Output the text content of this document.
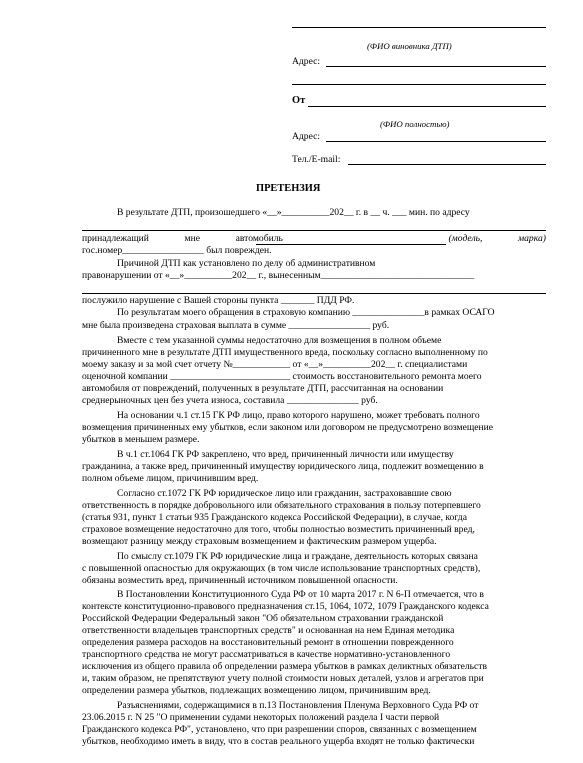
(ФИО виновника ДТП)
Адрес:
От
(ФИО полностью)
Адрес:
Тел./E-mail:
ПРЕТЕНЗИЯ
В результате ДТП, произошедшего «__»__________202__ г. в __ ч. ___ мин. по адресу
принадлежащий	мне	автомобиль	(модель,	марка)
гос.номер_________________ был поврежден.
Причиной ДТП как установлено по делу об административном
правонарушении от «__»__________202__ г., вынесенным________________________________
послужило нарушение с Вашей стороны пункта _______ ПДД РФ.
По результатам моего обращения в страховую компанию _______________в рамках ОСАГО
мне была произведена страховая выплата в сумме _________________ руб.
Вместе с тем указанной суммы недостаточно для возмещения в полном объеме
причиненного мне в результате ДТП имущественного вреда, поскольку согласно выполненному по
моему заказу и за мой счет отчету №____________ от «__»__________202__ г. специалистами
оценочной компании _________________________ стоимость восстановительного ремонта моего
автомобиля от повреждений, полученных в результате ДТП, рассчитанная на основании
среднерыночных цен без учета износа, составила _______________ руб.
На основании ч.1 ст.15 ГК РФ лицо, право которого нарушено, может требовать полного
возмещения причиненных ему убытков, если законом или договором не предусмотрено возмещение
убытков в меньшем размере.
В ч.1 ст.1064 ГК РФ закреплено, что вред, причиненный личности или имуществу
гражданина, а также вред, причиненный имуществу юридического лица, подлежит возмещению в
полном объеме лицом, причинившим вред.
Согласно ст.1072 ГК РФ юридическое лицо или гражданин, застраховавшие свою
ответственность в порядке добровольного или обязательного страхования в пользу потерпевшего
(статья 931, пункт 1 статьи 935 Гражданского кодекса Российской Федерации), в случае, когда
страховое возмещение недостаточно для того, чтобы полностью возместить причиненный вред,
возмещают разницу между страховым возмещением и фактическим размером ущерба.
По смыслу ст.1079 ГК РФ юридические лица и граждане, деятельность которых связана
с повышенной опасностью для окружающих (в том числе использование транспортных средств),
обязаны возместить вред, причиненный источником повышенной опасности.
В Постановлении Конституционного Суда РФ от 10 марта 2017 г. N 6-П отмечается, что в
контексте конституционно-правового предназначения ст.15, 1064, 1072, 1079 Гражданского кодекса
Российской Федерации Федеральный закон "Об обязательном страховании гражданской
ответственности владельцев транспортных средств" и основанная на нем Единая методика
определения размера расходов на восстановительный ремонт в отношении поврежденного
транспортного средства не могут рассматриваться в качестве нормативно-установленного
исключения из общего правила об определении размера убытков в рамках деликтных обязательств
и, таким образом, не препятствуют учету полной стоимости новых деталей, узлов и агрегатов при
определении размера убытков, подлежащих возмещению лицом, причинившим вред.
Разъяснениями, содержащимися в п.13 Постановления Пленума Верховного Суда РФ от
23.06.2015 г. N 25 "О применении судами некоторых положений раздела I части первой
Гражданского кодекса РФ", установлено, что при разрешении споров, связанных с возмещением
убытков, необходимо иметь в виду, что в состав реального ущерба входят не только фактически
